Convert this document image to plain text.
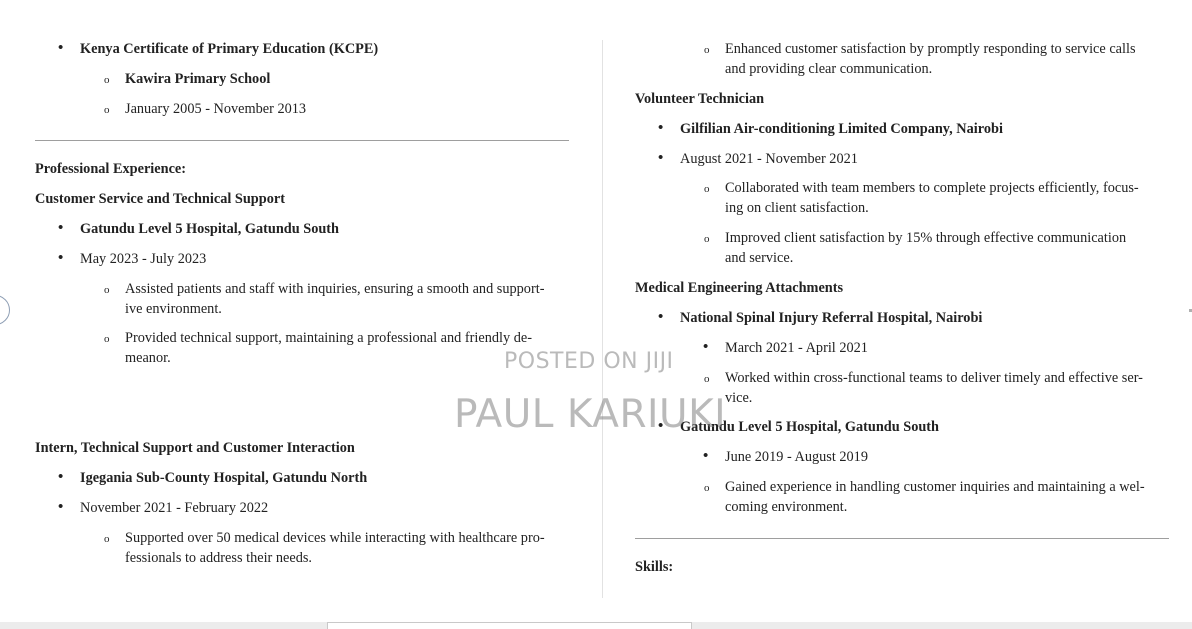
• Kenya Certificate of Primary Education (KCPE)
o Kawira Primary School
o January 2005 - November 2013
Professional Experience:
Customer Service and Technical Support
• Gatundu Level 5 Hospital, Gatundu South
• May 2023 - July 2023
o Assisted patients and staff with inquiries, ensuring a smooth and support-
ive environment.
o Provided technical support, maintaining a professional and friendly de-
meanor.
Intern, Technical Support and Customer Interaction
• Igegania Sub-County Hospital, Gatundu North
• November 2021 - February 2022
o Supported over 50 medical devices while interacting with healthcare pro-
fessionals to address their needs.
o Enhanced customer satisfaction by promptly responding to service calls
and providing clear communication.
Volunteer Technician
• Gilfilian Air-conditioning Limited Company, Nairobi
• August 2021 - November 2021
o Collaborated with team members to complete projects efficiently, focus-
ing on client satisfaction.
o Improved client satisfaction by 15% through effective communication
and service.
Medical Engineering Attachments
• National Spinal Injury Referral Hospital, Nairobi
• March 2021 - April 2021
o Worked within cross-functional teams to deliver timely and effective ser-
vice.
• Gatundu Level 5 Hospital, Gatundu South
• June 2019 - August 2019
o Gained experience in handling customer inquiries and maintaining a wel-
coming environment.
Skills:
POSTED ON JIJI
PAUL KARIUKI
